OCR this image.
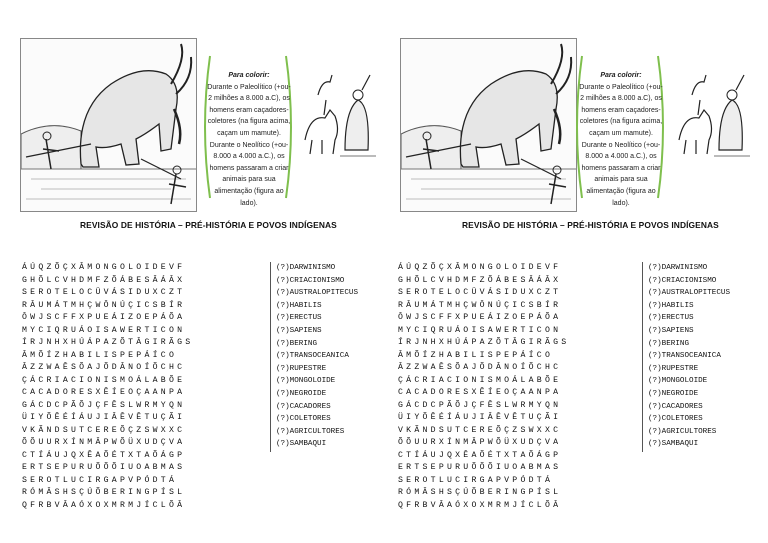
Para colorir:
Durante o Paleolítico (+ou- 2 milhões a 8.000 a.C), os homens eram caçadores-coletores (na figura acima, caçam um mamute). Durante o Neolítico (+ou- 8.000 a 4.000 a.C.), os homens passaram a criar animais para sua alimentação (figura ao lado).
REVISÃO DE HISTÓRIA – PRÉ-HISTÓRIA E POVOS INDÍGENAS
ÁÚQZÕÇXÂMONGOLOIDEVF
GHÕLCVHDMFZÕÁBESÂÁÂX
SEROTELOCÜVÁSIDUXCZT
RÂUMÁTMHÇWÔNÚÇICSBÍR
ÔWJSCFFXPUEÁIZOEPÁÕA
MYCIQRUÁOISAWERTICON
ÍRJNHXHÚÁPAZÕTÂGIRÃGS
ÂMÕÍZHABILISPEPÁÍCO
ÂZZWAÊSÕAJÕDÂNOÍÕCHC
ÇÁCRIACIONISMOÁLABÕE
CACADORESXÊÍEOÇAANPA
GÁCDCPÃÕJÇFÊSLWRMYQN
ÜIYÕÊÉÍÁUJIÂÊVÊTUÇÃI
VKÃNDSUTCEREÕÇZSWXXC
ÕÕUURXÍNMÂPWÕÜXUDÇVA
CTÍÁUJQXÊAÕÉTXTAÕÁGP
ERTSEPURUÕÕÕIUOABMAS
SEROTLUCIRGAPVPÓDTÁ
RÓMÂSHSÇÚÕBERINGPÍSL
QFRBVÂAÓXOXMRMJÍCLÕÂ
(?)DARWINISMO
(?)CRIACIONISMO
(?)AUSTRALOPITECUS
(?)HABILIS
(?)ERECTUS
(?)SAPIENS
(?)BERING
(?)TRANSOCEANICA
(?)RUPESTRE
(?)MONGOLOIDE
(?)NEGROIDE
(?)CACADORES
(?)COLETORES
(?)AGRICULTORES
(?)SAMBAQUI
Para colorir:
Durante o Paleolítico (+ou- 2 milhões a 8.000 a.C), os homens eram caçadores-coletores (na figura acima, caçam um mamute). Durante o Neolítico (+ou- 8.000 a 4.000 a.C.), os homens passaram a criar animais para sua alimentação (figura ao lado).
REVISÃO DE HISTÓRIA – PRÉ-HISTÓRIA E POVOS INDÍGENAS
ÁÚQZÕÇXÂMONGOLOIDEVF
GHÕLCVHDMFZÕÁBESÂÁÂX
SEROTELOCÜVÁSIDUXCZT
RÂUMÁTMHÇWÔNÚÇICSBÍR
ÔWJSCFFXPUEÁIZOEPÁÕA
MYCIQRUÁOISAWERTICON
ÍRJNHXHÚÁPAZÕTÂGIRÃGS
ÂMÕÍZHABILISPEPÁÍCO
ÂZZWAÊSÕAJÕDÂNOÍÕCHC
ÇÁCRIACIONISMOÁLABÕE
CACADORESXÊÍEOÇAANPA
GÁCDCPÃÕJÇFÊSLWRMYQN
ÜIYÕÊÉÍÁUJIÂÊVÊTUÇÃI
VKÃNDSUTCEREÕÇZSWXXC
ÕÕUURXÍNMÂPWÕÜXUDÇVA
CTÍÁUJQXÊAÕÉTXTAÕÁGP
ERTSEPURUÕÕÕIUOABMAS
SEROTLUCIRGAPVPÓDTÁ
RÓMÂSHSÇÚÕBERINGPÍSL
QFRBVÂAÓXOXMRMJÍCLÕÂ
(?)DARWINISMO
(?)CRIACIONISMO
(?)AUSTRALOPITECUS
(?)HABILIS
(?)ERECTUS
(?)SAPIENS
(?)BERING
(?)TRANSOCEANICA
(?)RUPESTRE
(?)MONGOLOIDE
(?)NEGROIDE
(?)CACADORES
(?)COLETORES
(?)AGRICULTORES
(?)SAMBAQUI
